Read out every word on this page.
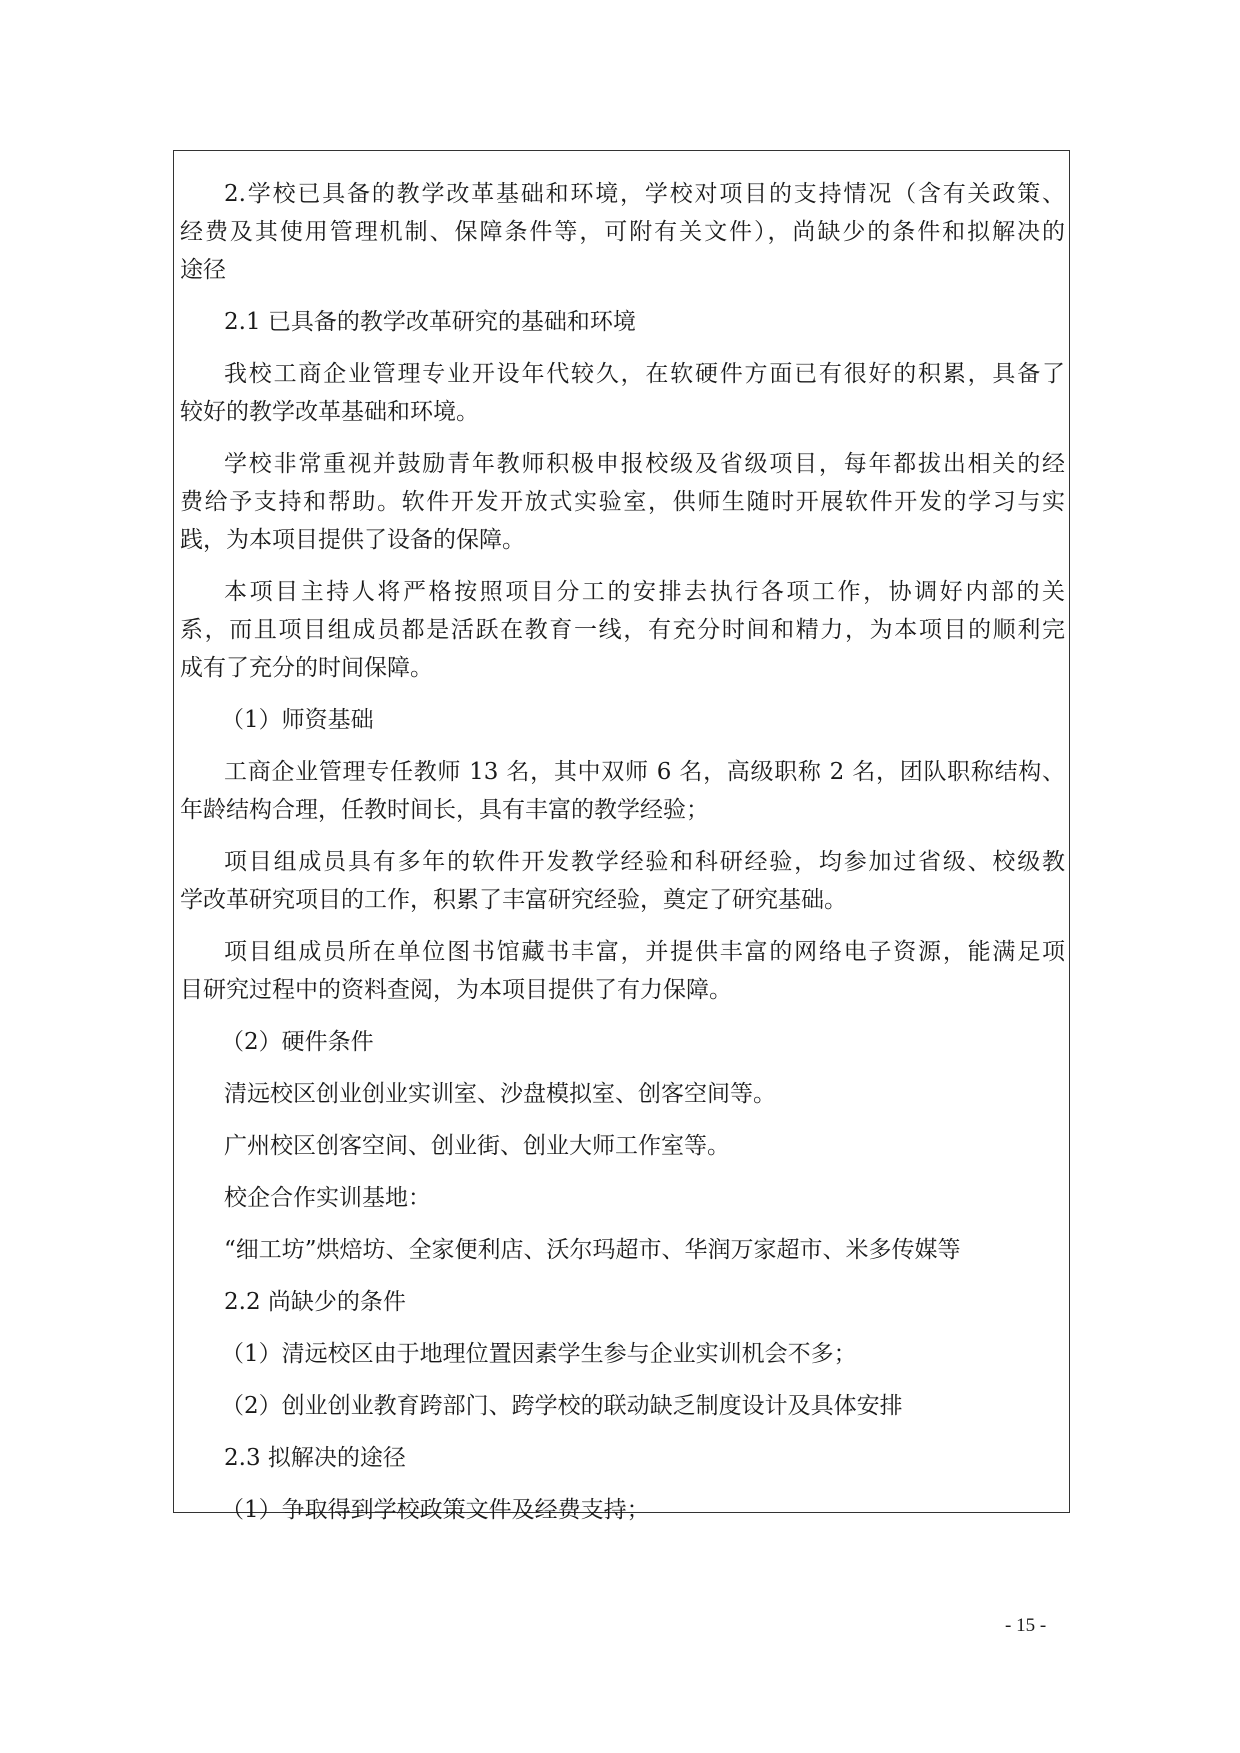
2.学校已具备的教学改革基础和环境，学校对项目的支持情况（含有关政策、
经费及其使用管理机制、保障条件等，可附有关文件），尚缺少的条件和拟解决的
途径
2.1 已具备的教学改革研究的基础和环境
我校工商企业管理专业开设年代较久，在软硬件方面已有很好的积累，具备了
较好的教学改革基础和环境。
学校非常重视并鼓励青年教师积极申报校级及省级项目，每年都拔出相关的经
费给予支持和帮助。软件开发开放式实验室，供师生随时开展软件开发的学习与实
践，为本项目提供了设备的保障。
本项目主持人将严格按照项目分工的安排去执行各项工作，协调好内部的关
系，而且项目组成员都是活跃在教育一线，有充分时间和精力，为本项目的顺利完
成有了充分的时间保障。
（1）师资基础
工商企业管理专任教师 13 名，其中双师 6 名，高级职称 2 名，团队职称结构、
年龄结构合理，任教时间长，具有丰富的教学经验；
项目组成员具有多年的软件开发教学经验和科研经验，均参加过省级、校级教
学改革研究项目的工作，积累了丰富研究经验，奠定了研究基础。
项目组成员所在单位图书馆藏书丰富，并提供丰富的网络电子资源，能满足项
目研究过程中的资料查阅，为本项目提供了有力保障。
（2）硬件条件
清远校区创业创业实训室、沙盘模拟室、创客空间等。
广州校区创客空间、创业街、创业大师工作室等。
校企合作实训基地：
“细工坊”烘焙坊、全家便利店、沃尔玛超市、华润万家超市、米多传媒等
2.2 尚缺少的条件
（1）清远校区由于地理位置因素学生参与企业实训机会不多；
（2）创业创业教育跨部门、跨学校的联动缺乏制度设计及具体安排
2.3 拟解决的途径
（1）争取得到学校政策文件及经费支持；
- 15 -
